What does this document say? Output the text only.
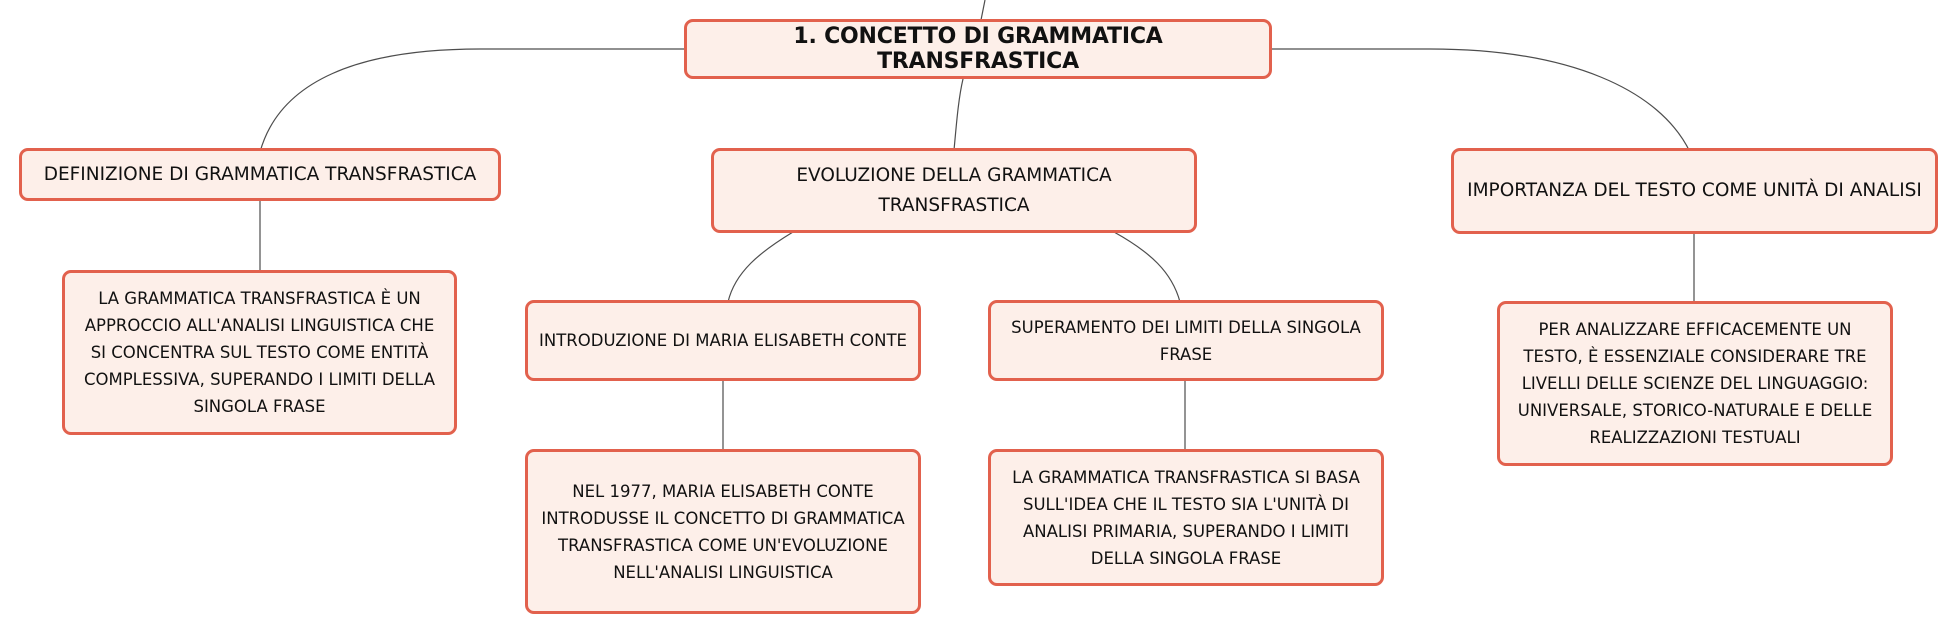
1. CONCETTO DI GRAMMATICA TRANSFRASTICA
DEFINIZIONE DI GRAMMATICA TRANSFRASTICA	EVOLUZIONE DELLA GRAMMATICA TRANSFRASTICA
IMPORTANZA DEL TESTO COME UNITÀ DI ANALISI
LA GRAMMATICA TRANSFRASTICA È UN APPROCCIO ALL'ANALISI LINGUISTICA CHE SI CONCENTRA SUL TESTO COME ENTITÀ COMPLESSIVA, SUPERANDO I LIMITI DELLA SINGOLA FRASE
INTRODUZIONE DI MARIA ELISABETH CONTE
SUPERAMENTO DEI LIMITI DELLA SINGOLA FRASE
NEL 1977, MARIA ELISABETH CONTE INTRODUSSE IL CONCETTO DI GRAMMATICA TRANSFRASTICA COME UN'EVOLUZIONE NELL'ANALISI LINGUISTICA
LA GRAMMATICA TRANSFRASTICA SI BASA SULL'IDEA CHE IL TESTO SIA L'UNITÀ DI ANALISI PRIMARIA, SUPERANDO I LIMITI DELLA SINGOLA FRASE
PER ANALIZZARE EFFICACEMENTE UN TESTO, È ESSENZIALE CONSIDERARE TRE LIVELLI DELLE SCIENZE DEL LINGUAGGIO: UNIVERSALE, STORICO-NATURALE E DELLE REALIZZAZIONI TESTUALI
